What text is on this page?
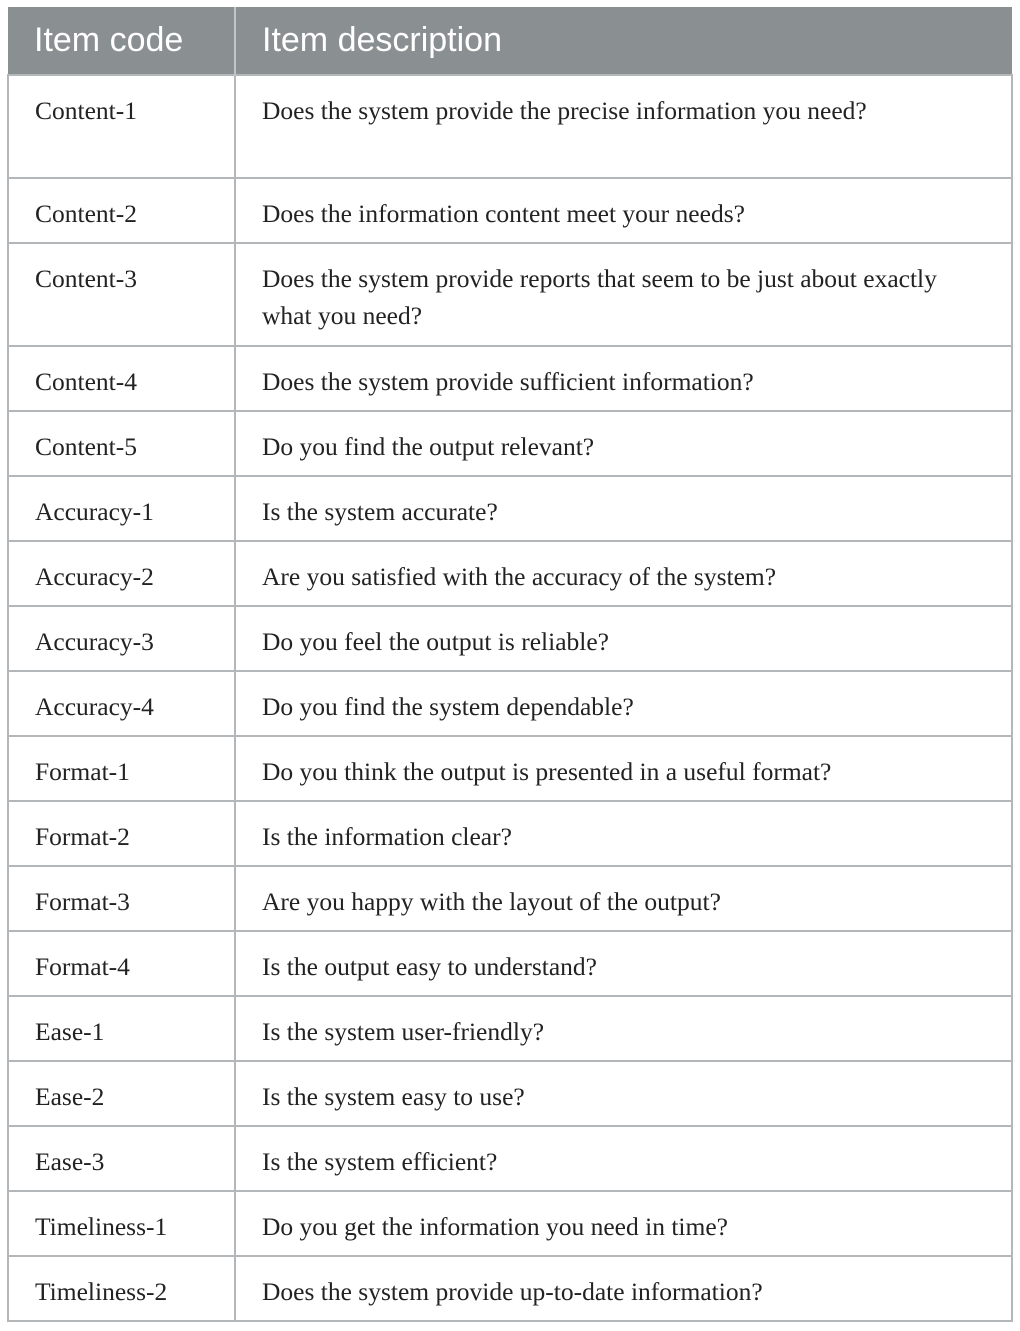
Item code	Item description
Content-1	Does the system provide the precise information you need?
Content-2	Does the information content meet your needs?
Content-3	Does the system provide reports that seem to be just about exactly what you need?
Content-4	Does the system provide sufficient information?
Content-5	Do you find the output relevant?
Accuracy-1	Is the system accurate?
Accuracy-2	Are you satisfied with the accuracy of the system?
Accuracy-3	Do you feel the output is reliable?
Accuracy-4	Do you find the system dependable?
Format-1	Do you think the output is presented in a useful format?
Format-2	Is the information clear?
Format-3	Are you happy with the layout of the output?
Format-4	Is the output easy to understand?
Ease-1	Is the system user-friendly?
Ease-2	Is the system easy to use?
Ease-3	Is the system efficient?
Timeliness-1	Do you get the information you need in time?
Timeliness-2	Does the system provide up-to-date information?
